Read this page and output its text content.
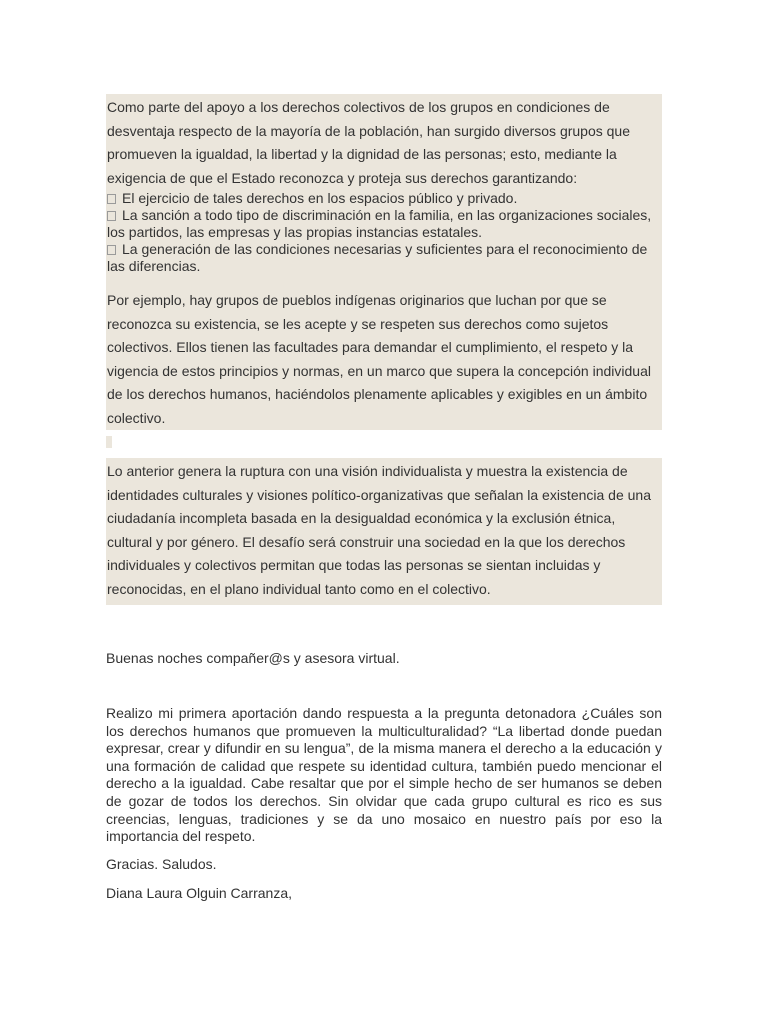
Como parte del apoyo a los derechos colectivos de los grupos en condiciones de desventaja respecto de la mayoría de la población, han surgido diversos grupos que promueven la igualdad, la libertad y la dignidad de las personas; esto, mediante la exigencia de que el Estado reconozca y proteja sus derechos garantizando:

El ejercicio de tales derechos en los espacios público y privado.
La sanción a todo tipo de discriminación en la familia, en las organizaciones sociales, los partidos, las empresas y las propias instancias estatales.
La generación de las condiciones necesarias y suficientes para el reconocimiento de las diferencias.

Por ejemplo, hay grupos de pueblos indígenas originarios que luchan por que se reconozca su existencia, se les acepte y se respeten sus derechos como sujetos colectivos. Ellos tienen las facultades para demandar el cumplimiento, el respeto y la vigencia de estos principios y normas, en un marco que supera la concepción individual de los derechos humanos, haciéndolos plenamente aplicables y exigibles en un ámbito colectivo.

Lo anterior genera la ruptura con una visión individualista y muestra la existencia de identidades culturales y visiones político-organizativas que señalan la existencia de una ciudadanía incompleta basada en la desigualdad económica y la exclusión étnica, cultural y por género. El desafío será construir una sociedad en la que los derechos individuales y colectivos permitan que todas las personas se sientan incluidas y reconocidas, en el plano individual tanto como en el colectivo.

Buenas noches compañer@s y asesora virtual.

Realizo mi primera aportación dando respuesta a la pregunta detonadora ¿Cuáles son los derechos humanos que promueven la multiculturalidad? “La libertad donde puedan expresar, crear y difundir en su lengua”, de la misma manera el derecho a la educación y una formación de calidad que respete su identidad cultura, también puedo mencionar el derecho a la igualdad. Cabe resaltar que por el simple hecho de ser humanos se deben de gozar de todos los derechos. Sin olvidar que cada grupo cultural es rico es sus creencias, lenguas, tradiciones y se da uno mosaico en nuestro país por eso la importancia del respeto.

Gracias. Saludos.

Diana Laura Olguin Carranza,
